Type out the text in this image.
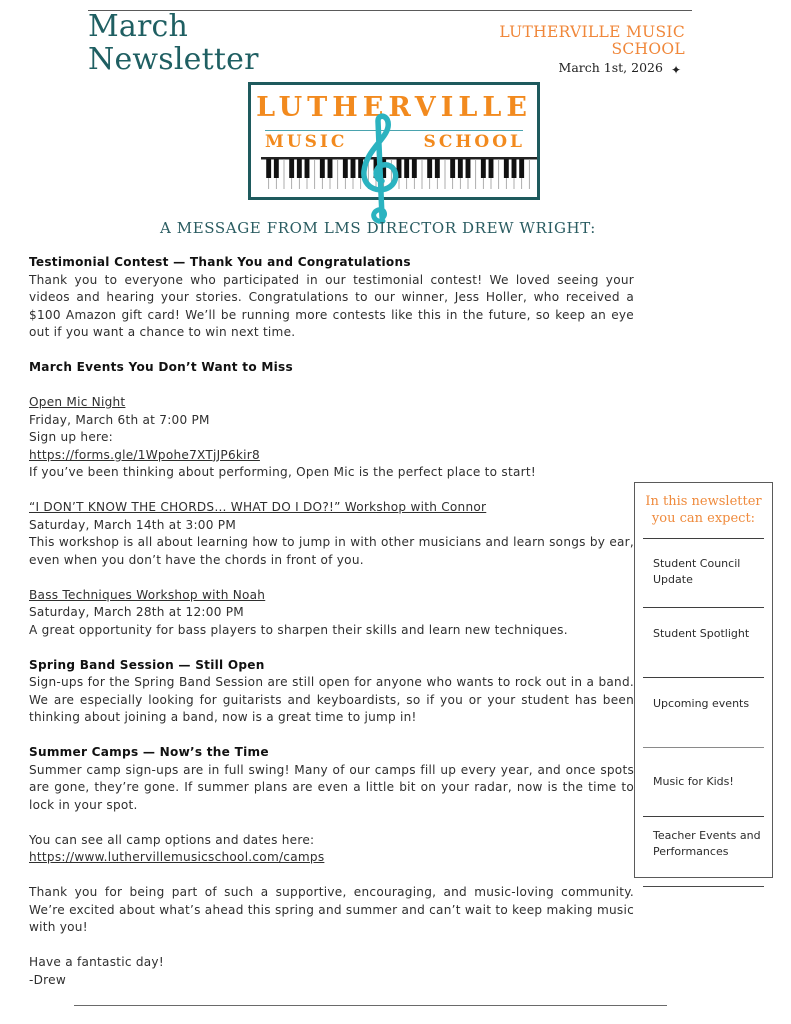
March
Newsletter
LUTHERVILLE MUSIC
SCHOOL
March 1st, 2026 ✦
LUTHERVILLE
MUSIC	SCHOOL
A MESSAGE FROM LMS DIRECTOR DREW WRIGHT:
Testimonial Contest — Thank You and Congratulations

Thank you to everyone who participated in our testimonial contest! We loved seeing your videos and hearing your stories. Congratulations to our winner, Jess Holler, who received a $100 Amazon gift card! We’ll be running more contests like this in the future, so keep an eye out if you want a chance to win next time.

March Events You Don’t Want to Miss

Open Mic Night

Friday, March 6th at 7:00 PM

Sign up here:

https://forms.gle/1Wpohe7XTjJP6kir8

If you’ve been thinking about performing, Open Mic is the perfect place to start!

“I DON’T KNOW THE CHORDS… WHAT DO I DO?!” Workshop with Connor

Saturday, March 14th at 3:00 PM

This workshop is all about learning how to jump in with other musicians and learn songs by ear, even when you don’t have the chords in front of you.

Bass Techniques Workshop with Noah

Saturday, March 28th at 12:00 PM

A great opportunity for bass players to sharpen their skills and learn new techniques.

Spring Band Session — Still Open

Sign-ups for the Spring Band Session are still open for anyone who wants to rock out in a band. We are especially looking for guitarists and keyboardists, so if you or your student has been thinking about joining a band, now is a great time to jump in!

Summer Camps — Now’s the Time

Summer camp sign-ups are in full swing! Many of our camps fill up every year, and once spots are gone, they’re gone. If summer plans are even a little bit on your radar, now is the time to lock in your spot.

You can see all camp options and dates here:

https://www.luthervillemusicschool.com/camps

Thank you for being part of such a supportive, encouraging, and music-loving community. We’re excited about what’s ahead this spring and summer and can’t wait to keep making music with you!

Have a fantastic day!

-Drew

In this newsletter you can expect:
Student Council Update
Student Spotlight
Upcoming events
Music for Kids!
Teacher Events and Performances
